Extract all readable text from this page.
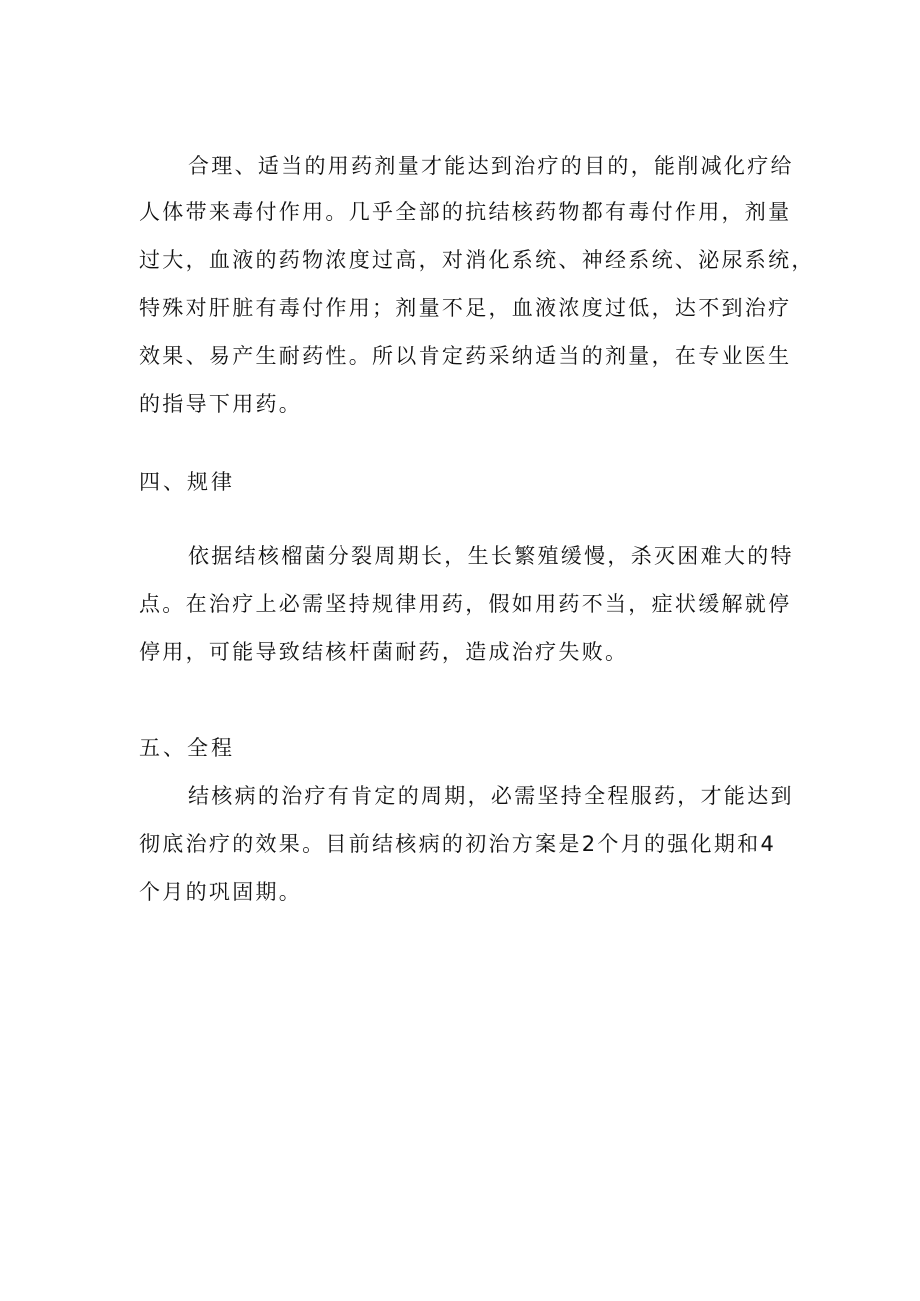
合理、适当的用药剂量才能达到治疗的目的，能削减化疗给
人体带来毒付作用。几乎全部的抗结核药物都有毒付作用，剂量
过大，血液的药物浓度过高，对消化系统、神经系统、泌尿系统，
特殊对肝脏有毒付作用；剂量不足，血液浓度过低，达不到治疗
效果、易产生耐药性。所以肯定药采纳适当的剂量，在专业医生
的指导下用药。
四、规律
依据结核榴菌分裂周期长，生长繁殖缓慢，杀灭困难大的特
点。在治疗上必需坚持规律用药，假如用药不当，症状缓解就停
停用，可能导致结核杆菌耐药，造成治疗失败。
五、全程
结核病的治疗有肯定的周期，必需坚持全程服药，才能达到
彻底治疗的效果。目前结核病的初治方案是2个月的强化期和4
个月的巩固期。
